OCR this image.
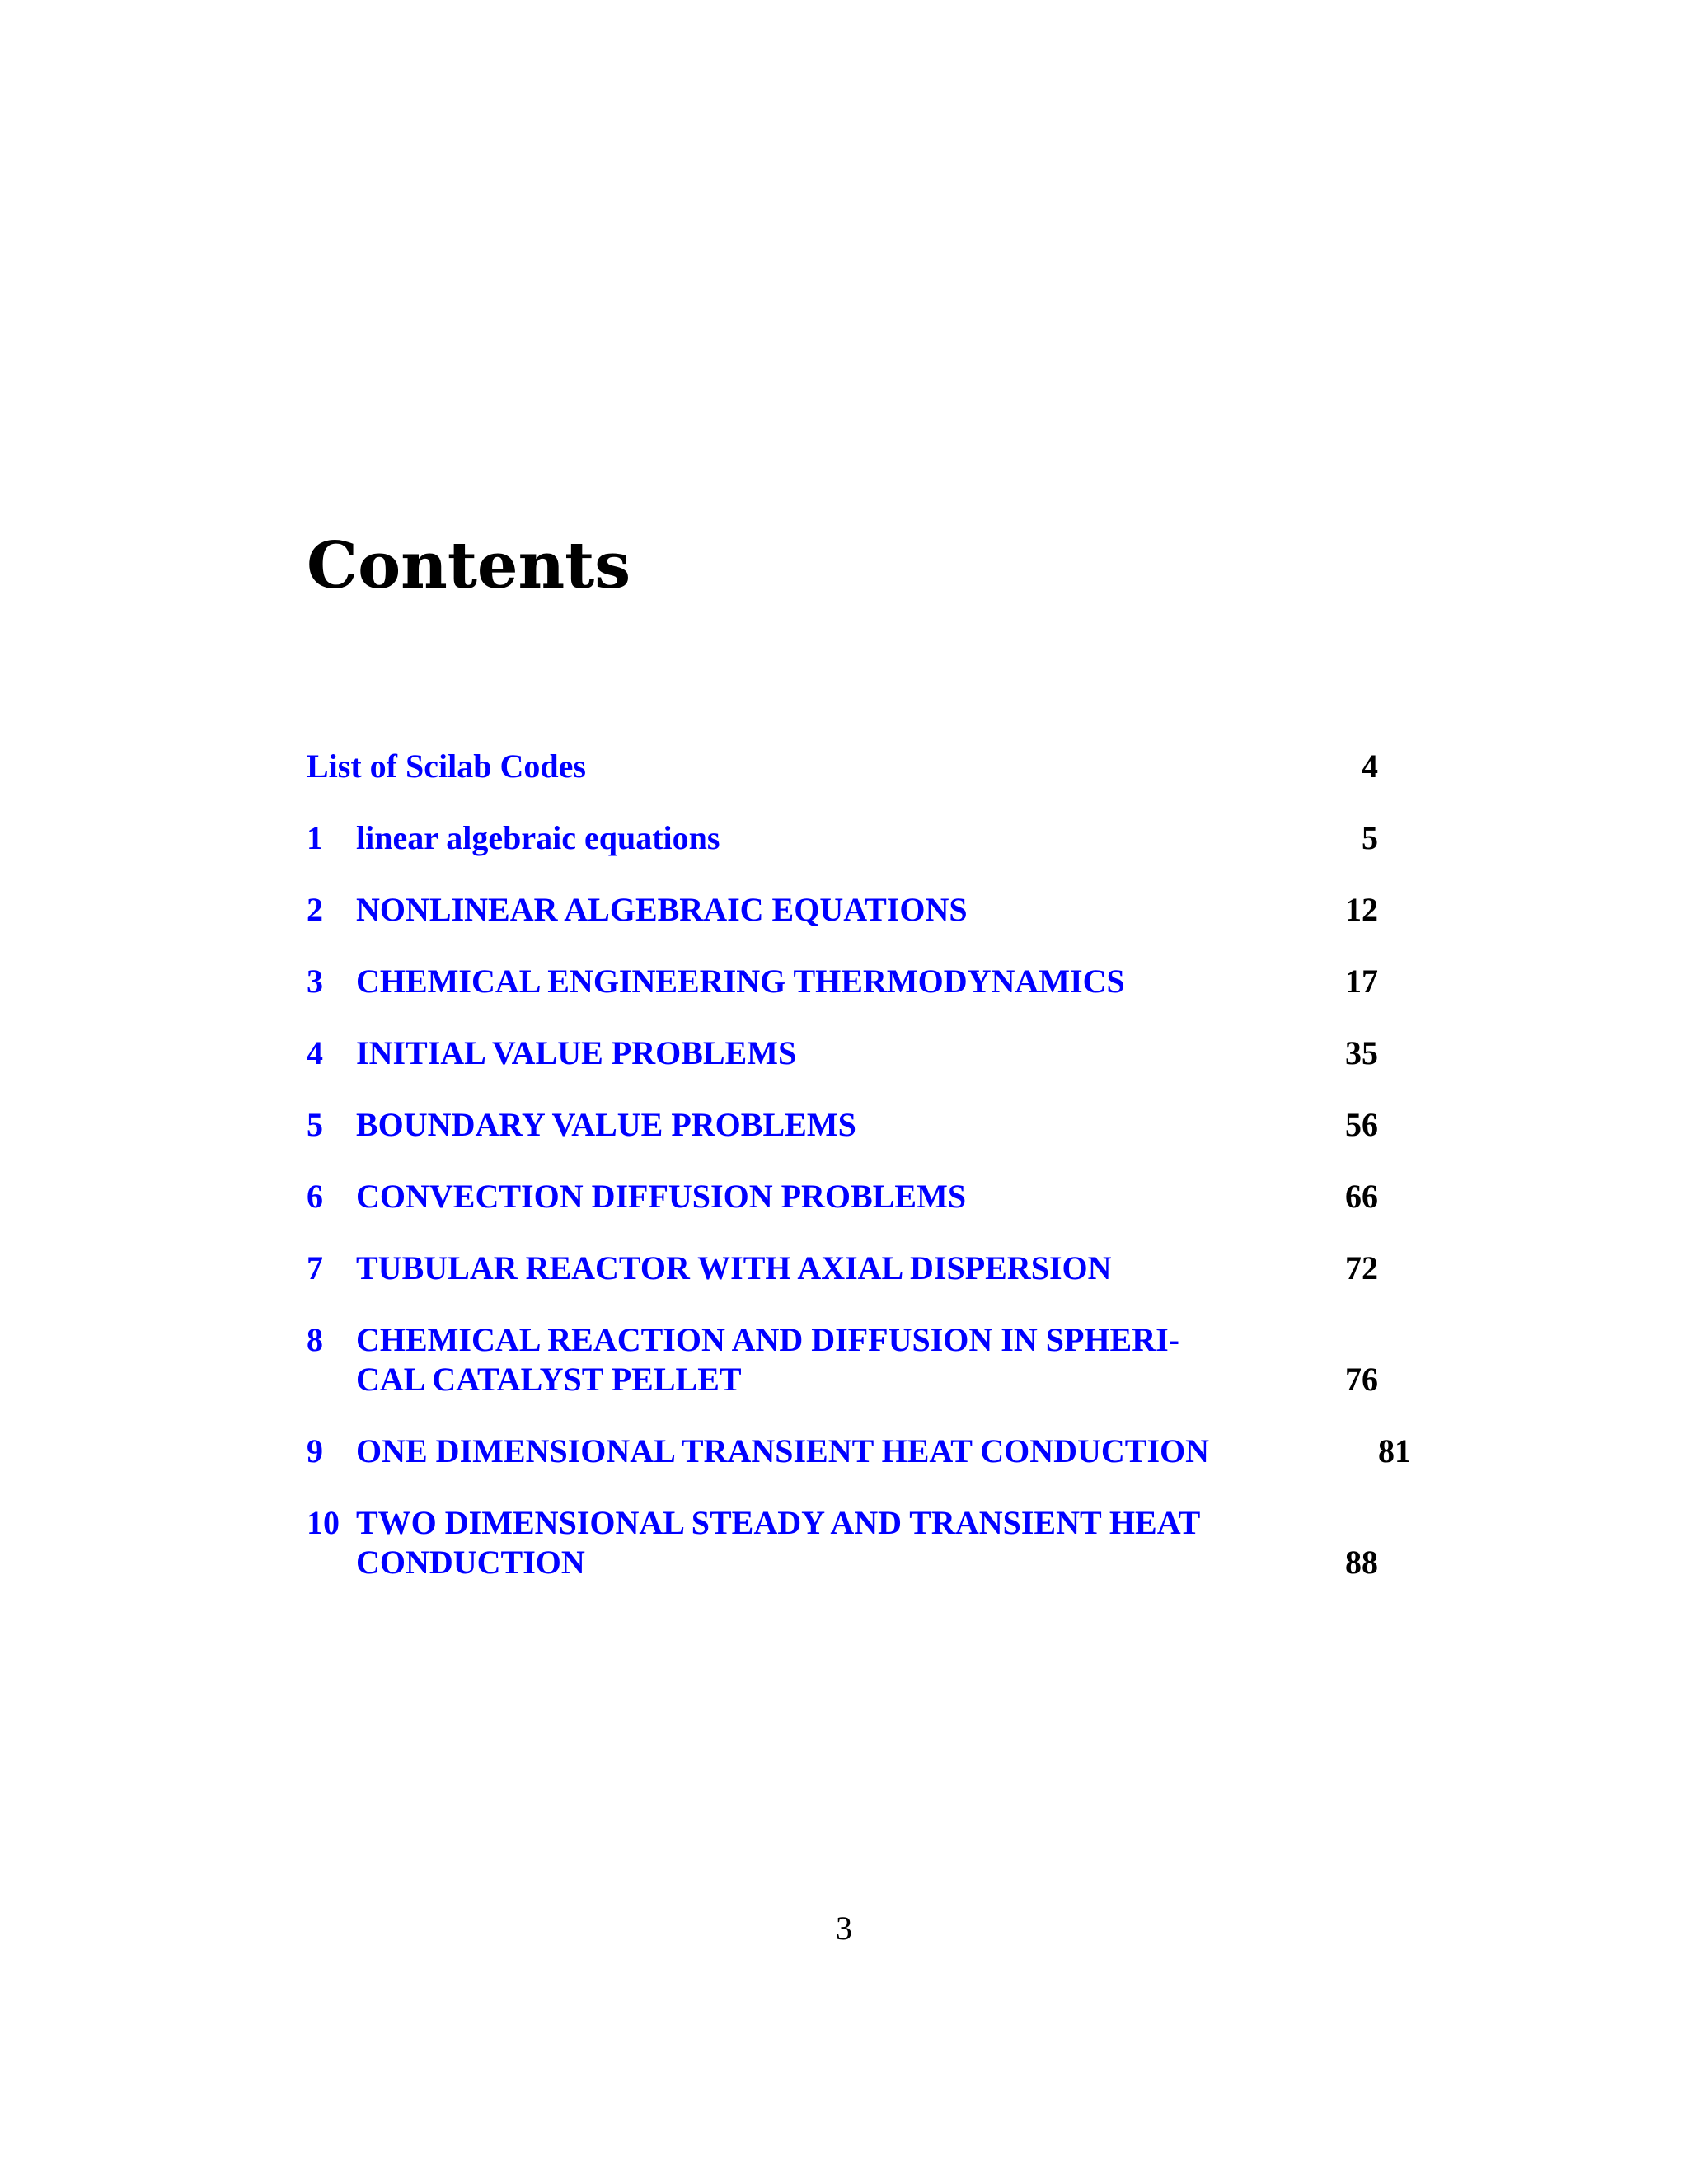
Contents
List of Scilab Codes	4
1 linear algebraic equations	5
2 NONLINEAR ALGEBRAIC EQUATIONS	12
3 CHEMICAL ENGINEERING THERMODYNAMICS	17
4 INITIAL VALUE PROBLEMS	35
5 BOUNDARY VALUE PROBLEMS	56
6 CONVECTION DIFFUSION PROBLEMS	66
7 TUBULAR REACTOR WITH AXIAL DISPERSION	72
8 CHEMICAL REACTION AND DIFFUSION IN SPHERI-
CAL CATALYST PELLET	76
9 ONE DIMENSIONAL TRANSIENT HEAT CONDUCTION	81
10 TWO DIMENSIONAL STEADY AND TRANSIENT HEAT
CONDUCTION	88
3
